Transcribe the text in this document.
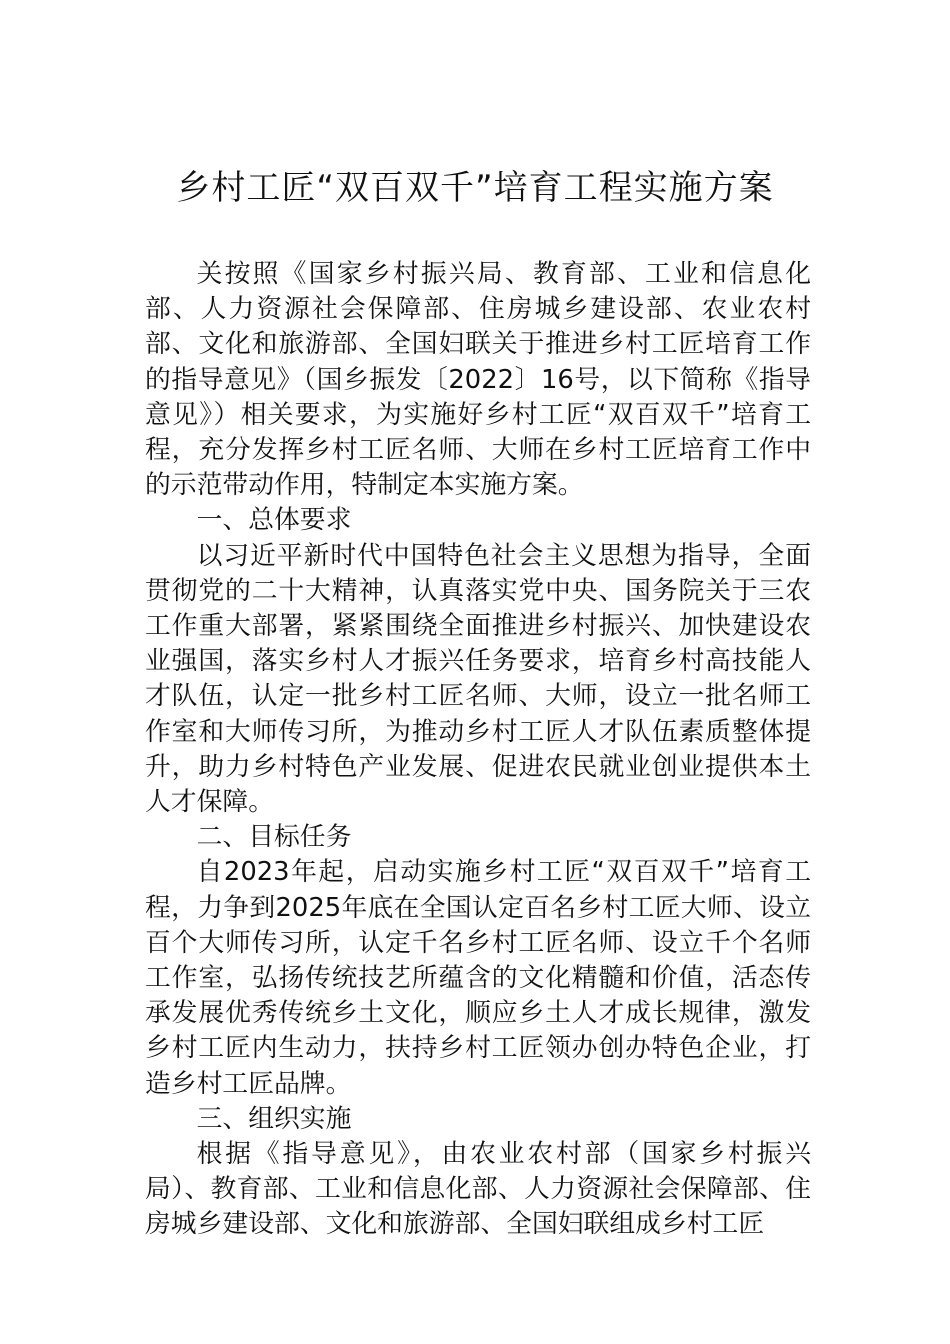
乡村工匠“双百双千”培育工程实施方案

关按照《国家乡村振兴局、教育部、工业和信息化部、人力资源社会保障部、住房城乡建设部、农业农村部、文化和旅游部、全国妇联关于推进乡村工匠培育工作的指导意见》（国乡振发〔2022〕16号，以下简称《指导意见》）相关要求，为实施好乡村工匠“双百双千”培育工程，充分发挥乡村工匠名师、大师在乡村工匠培育工作中的示范带动作用，特制定本实施方案。

一、总体要求

以习近平新时代中国特色社会主义思想为指导，全面贯彻党的二十大精神，认真落实党中央、国务院关于三农工作重大部署，紧紧围绕全面推进乡村振兴、加快建设农业强国，落实乡村人才振兴任务要求，培育乡村高技能人才队伍，认定一批乡村工匠名师、大师，设立一批名师工作室和大师传习所，为推动乡村工匠人才队伍素质整体提升，助力乡村特色产业发展、促进农民就业创业提供本土人才保障。

二、目标任务

自2023年起，启动实施乡村工匠“双百双千”培育工程，力争到2025年底在全国认定百名乡村工匠大师、设立百个大师传习所，认定千名乡村工匠名师、设立千个名师工作室，弘扬传统技艺所蕴含的文化精髓和价值，活态传承发展优秀传统乡土文化，顺应乡土人才成长规律，激发乡村工匠内生动力，扶持乡村工匠领办创办特色企业，打造乡村工匠品牌。

三、组织实施

根据《指导意见》，由农业农村部（国家乡村振兴局）、教育部、工业和信息化部、人力资源社会保障部、住房城乡建设部、文化和旅游部、全国妇联组成乡村工匠
